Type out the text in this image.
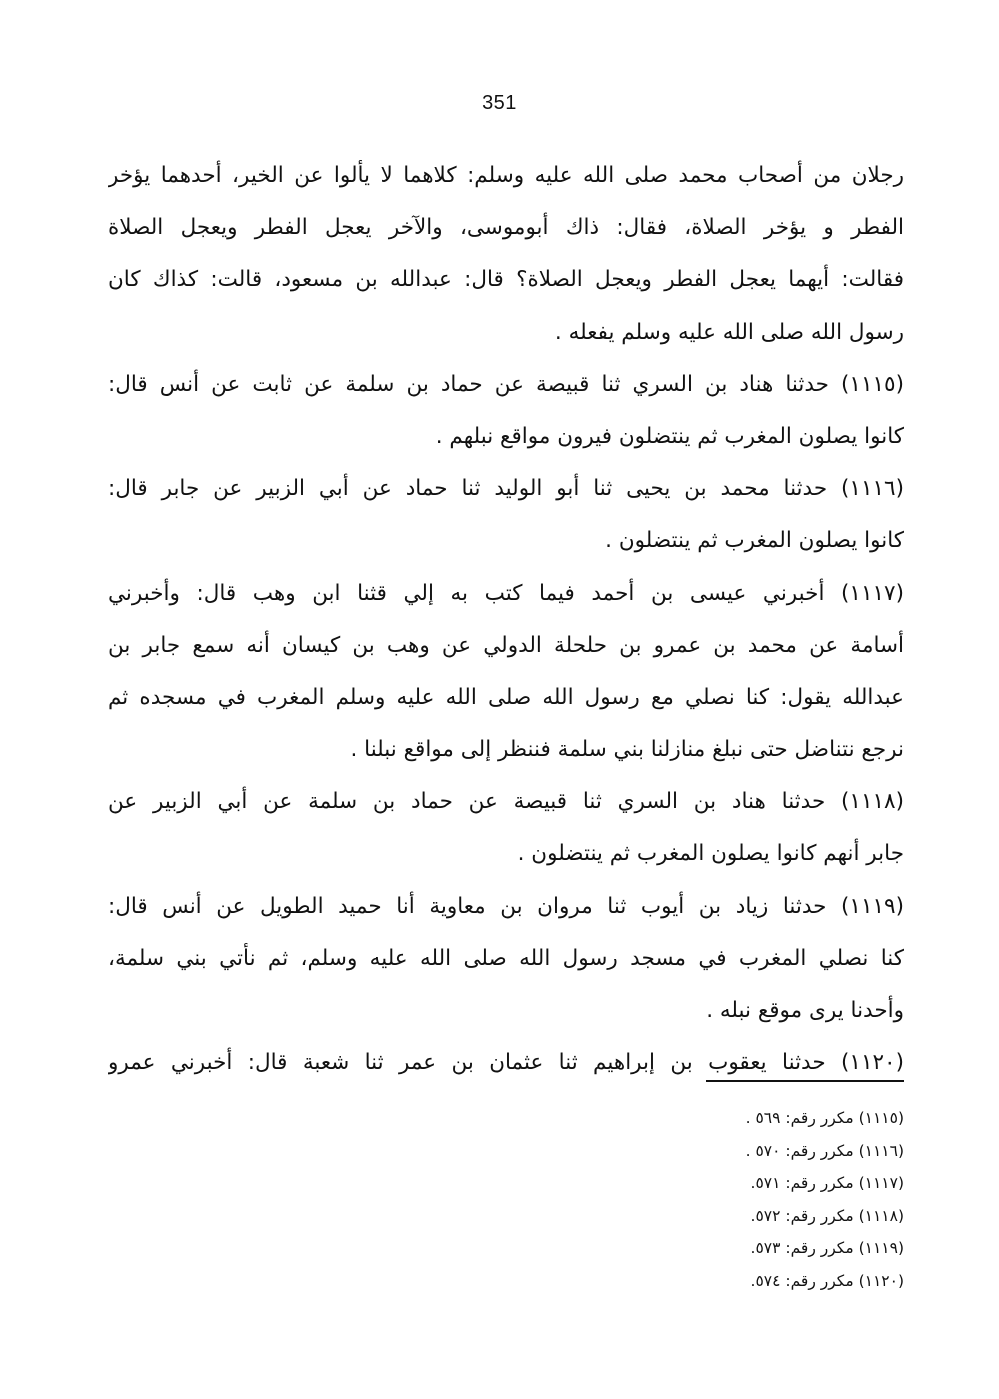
351
رجلان من أصحاب محمد صلى الله عليه وسلم: كلاهما لا يألوا عن الخير، أحدهما يؤخر
الفطر و يؤخر الصلاة، فقال: ذاك أبوموسى، والآخر يعجل الفطر ويعجل الصلاة
فقالت: أيهما يعجل الفطر ويعجل الصلاة؟ قال: عبدالله بن مسعود، قالت: كذاك كان
رسول الله صلى الله عليه وسلم يفعله .
(١١١٥) حدثنا هناد بن السري ثنا قبيصة عن حماد بن سلمة عن ثابت عن أنس قال:
كانوا يصلون المغرب ثم ينتضلون فيرون مواقع نبلهم .
(١١١٦) حدثنا محمد بن يحيى ثنا أبو الوليد ثنا حماد عن أبي الزبير عن جابر قال:
كانوا يصلون المغرب ثم ينتضلون .
(١١١٧) أخبرني عيسى بن أحمد فيما كتب به إلي قثنا ابن وهب قال: وأخبرني
أسامة عن محمد بن عمرو بن حلحلة الدولي عن وهب بن كيسان أنه سمع جابر بن
عبدالله يقول: كنا نصلي مع رسول الله صلى الله عليه وسلم المغرب في مسجده ثم
نرجع نتناضل حتى نبلغ منازلنا بني سلمة فننظر إلى مواقع نبلنا .
(١١١٨) حدثنا هناد بن السري ثنا قبيصة عن حماد بن سلمة عن أبي الزبير عن
جابر أنهم كانوا يصلون المغرب ثم ينتضلون .
(١١١٩) حدثنا زياد بن أيوب ثنا مروان بن معاوية أنا حميد الطويل عن أنس قال:
كنا نصلي المغرب في مسجد رسول الله صلى الله عليه وسلم، ثم نأتي بني سلمة،
وأحدنا يرى موقع نبله .
(١١٢٠) حدثنا يعقوب بن إبراهيم ثنا عثمان بن عمر ثنا شعبة قال: أخبرني عمرو
(١١١٥) مكرر رقم: ٥٦٩ .
(١١١٦) مكرر رقم: ٥٧٠ .
(١١١٧) مكرر رقم: ٥٧١.
(١١١٨) مكرر رقم: ٥٧٢.
(١١١٩) مكرر رقم: ٥٧٣.
(١١٢٠) مكرر رقم: ٥٧٤.
